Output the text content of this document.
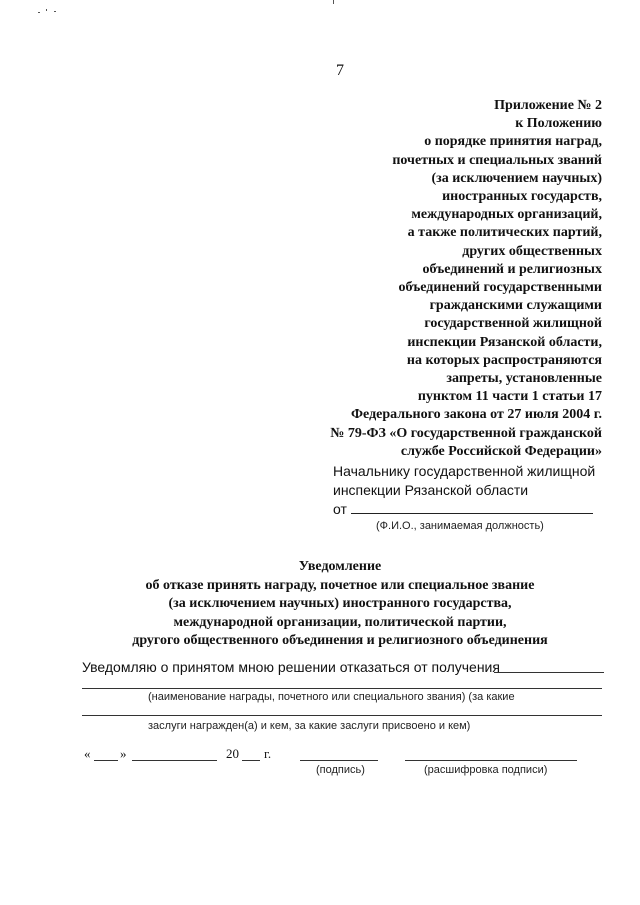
7
Приложение № 2
к Положению
о порядке принятия наград,
почетных и специальных званий
(за исключением научных)
иностранных государств,
международных организаций,
а также политических партий,
других общественных
объединений и религиозных
объединений государственными
гражданскими служащими
государственной жилищной
инспекции Рязанской области,
на которых распространяются
запреты, установленные
пунктом 11 части 1 статьи 17
Федерального закона от 27 июля 2004 г.
№ 79-ФЗ «О государственной гражданской
службе Российской Федерации»
Начальнику государственной жилищной
инспекции Рязанской области
от
(Ф.И.О., занимаемая должность)
Уведомление
об отказе принять награду, почетное или специальное звание
(за исключением научных) иностранного государства,
международной организации, политической партии,
другого общественного объединения и религиозного объединения
Уведомляю о принятом мною решении отказаться от получения
(наименование награды, почетного или специального звания) (за какие
заслуги награжден(а) и кем, за какие заслуги присвоено и кем)
« »	20 г.
(подпись)	(расшифровка подписи)
